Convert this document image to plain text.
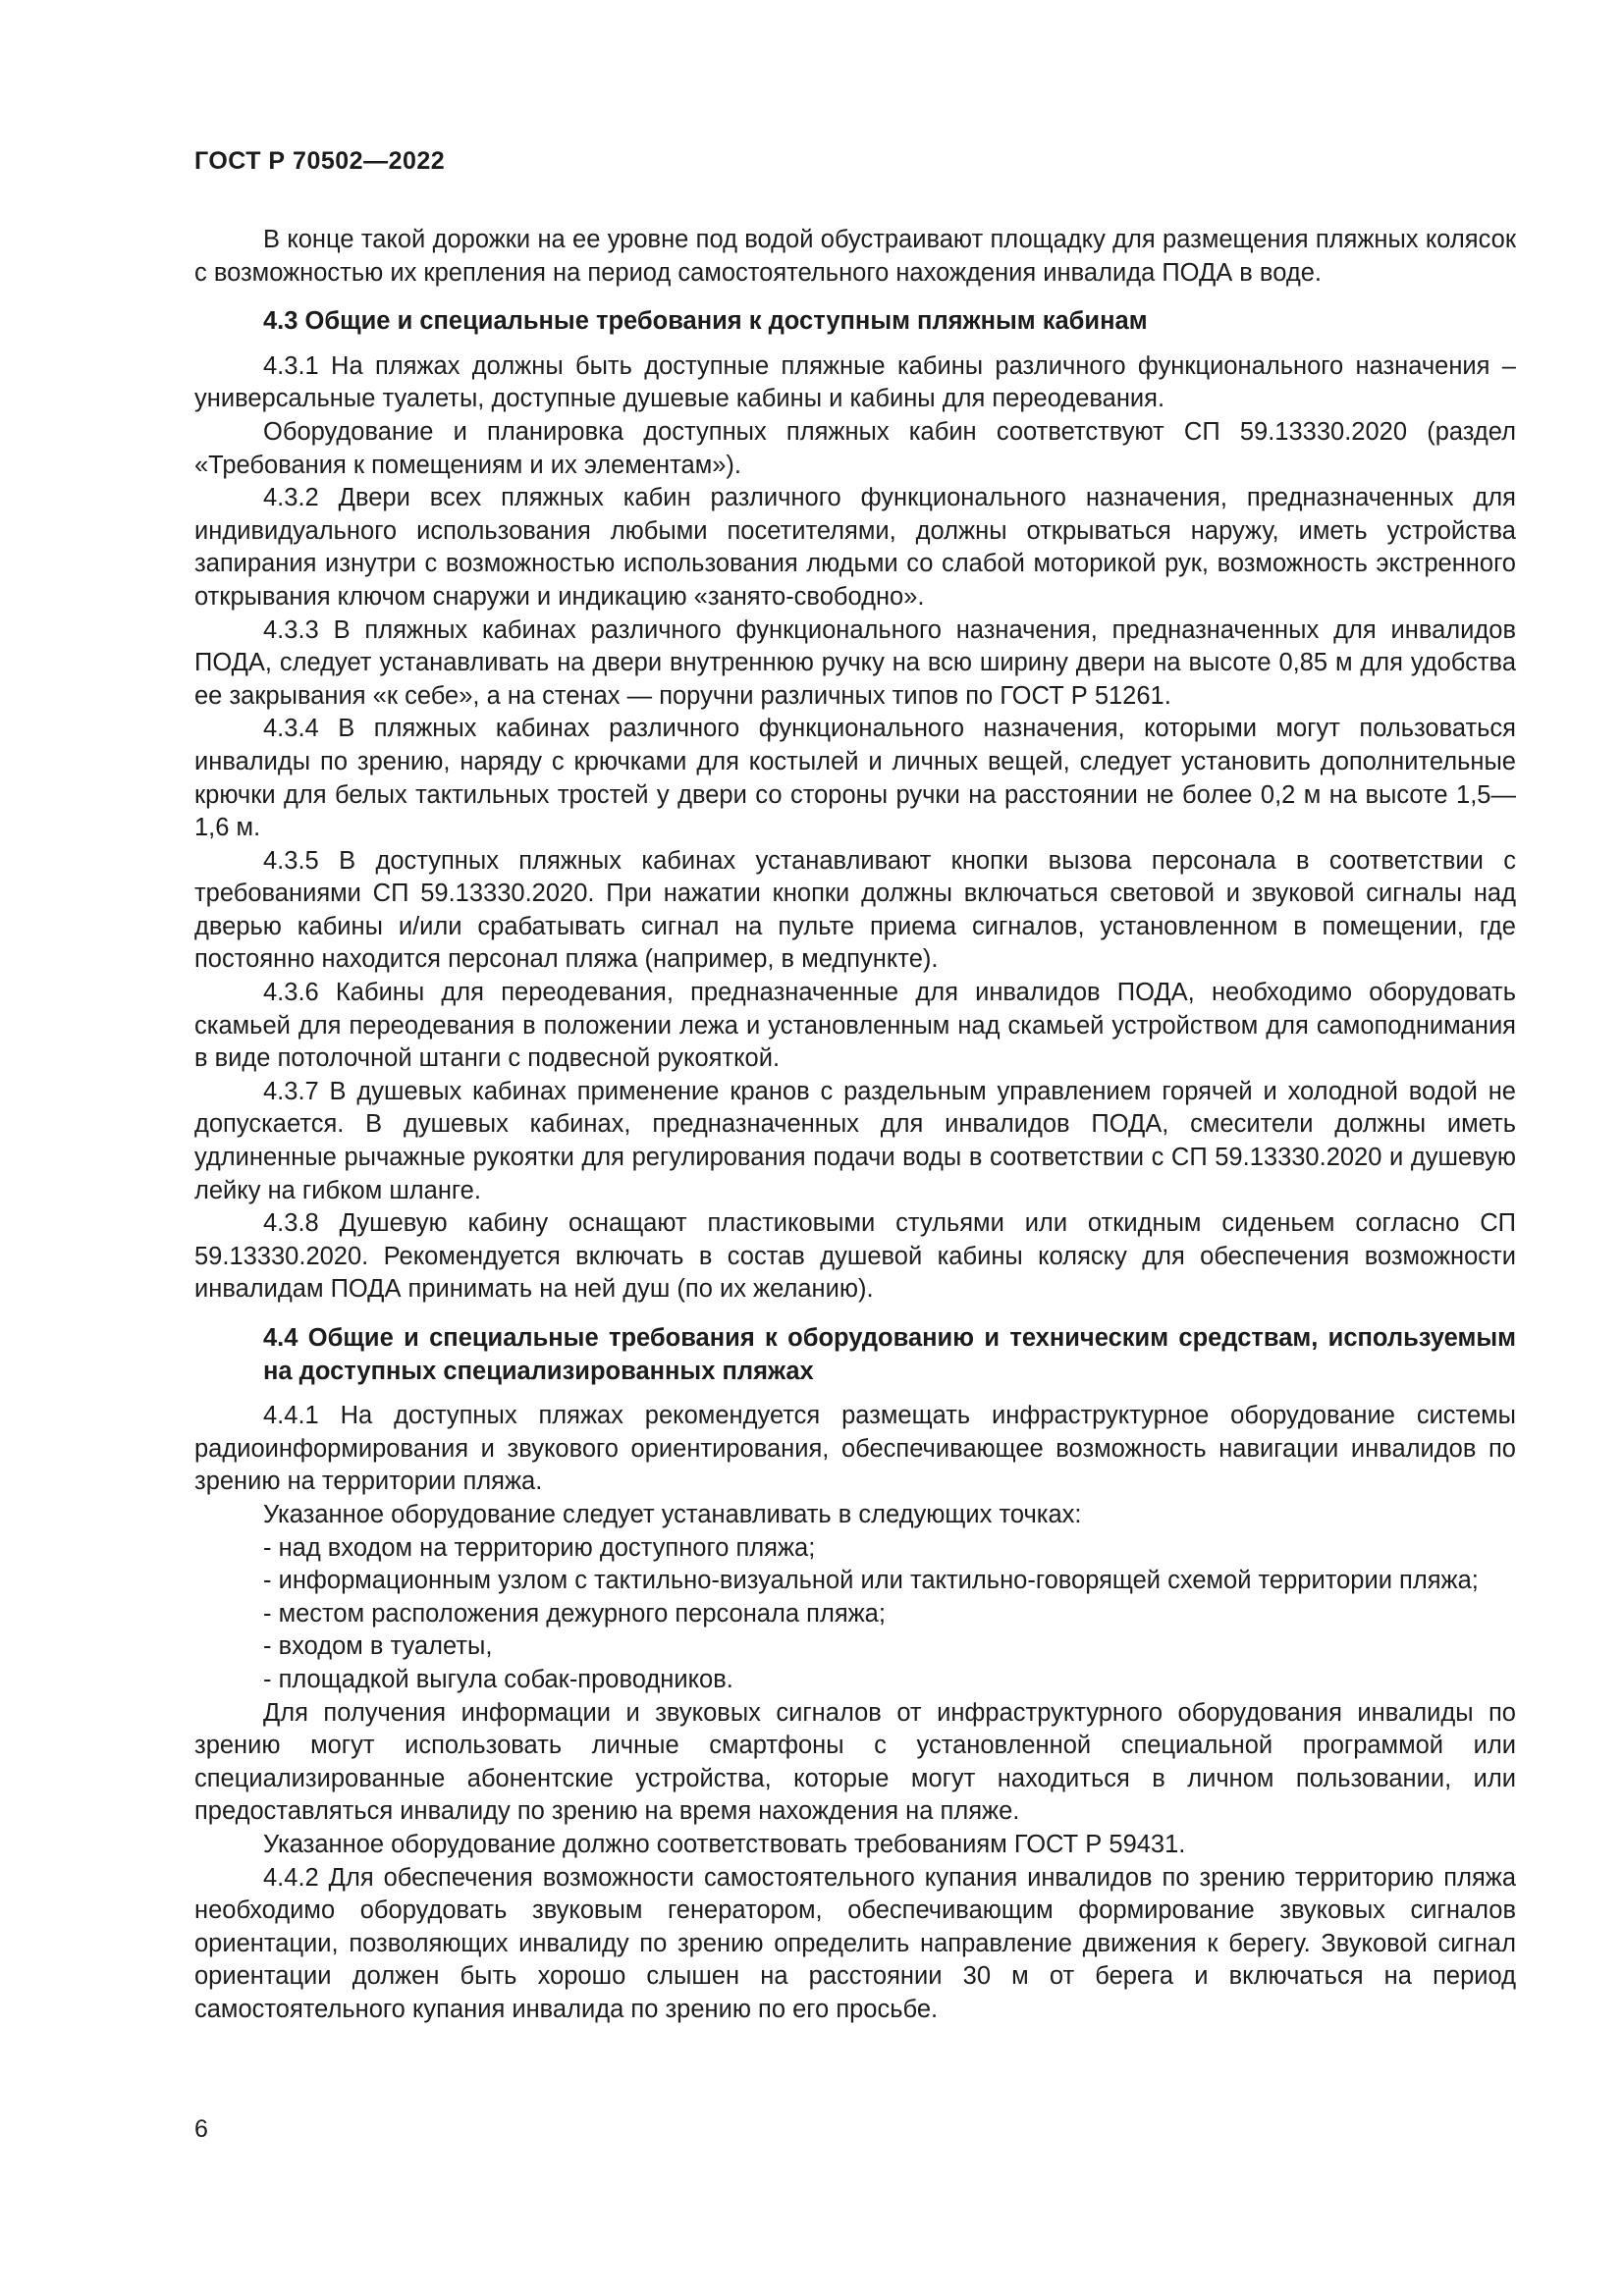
ГОСТ Р 70502—2022

В конце такой дорожки на ее уровне под водой обустраивают площадку для размещения пляжных колясок с возможностью их крепления на период самостоятельного нахождения инвалида ПОДА в воде.

4.3 Общие и специальные требования к доступным пляжным кабинам

4.3.1 На пляжах должны быть доступные пляжные кабины различного функционального назначения – универсальные туалеты, доступные душевые кабины и кабины для переодевания.

Оборудование и планировка доступных пляжных кабин соответствуют СП 59.13330.2020 (раздел «Требования к помещениям и их элементам»).

4.3.2 Двери всех пляжных кабин различного функционального назначения, предназначенных для индивидуального использования любыми посетителями, должны открываться наружу, иметь устройства запирания изнутри с возможностью использования людьми со слабой моторикой рук, возможность экстренного открывания ключом снаружи и индикацию «занято-свободно».

4.3.3 В пляжных кабинах различного функционального назначения, предназначенных для инвалидов ПОДА, следует устанавливать на двери внутреннюю ручку на всю ширину двери на высоте 0,85 м для удобства ее закрывания «к себе», а на стенах — поручни различных типов по ГОСТ Р 51261.

4.3.4 В пляжных кабинах различного функционального назначения, которыми могут пользоваться инвалиды по зрению, наряду с крючками для костылей и личных вещей, следует установить дополнительные крючки для белых тактильных тростей у двери со стороны ручки на расстоянии не более 0,2 м на высоте 1,5—1,6 м.

4.3.5 В доступных пляжных кабинах устанавливают кнопки вызова персонала в соответствии с требованиями СП 59.13330.2020. При нажатии кнопки должны включаться световой и звуковой сигналы над дверью кабины и/или срабатывать сигнал на пульте приема сигналов, установленном в помещении, где постоянно находится персонал пляжа (например, в медпункте).

4.3.6 Кабины для переодевания, предназначенные для инвалидов ПОДА, необходимо оборудовать скамьей для переодевания в положении лежа и установленным над скамьей устройством для самоподнимания в виде потолочной штанги с подвесной рукояткой.

4.3.7 В душевых кабинах применение кранов с раздельным управлением горячей и холодной водой не допускается. В душевых кабинах, предназначенных для инвалидов ПОДА, смесители должны иметь удлиненные рычажные рукоятки для регулирования подачи воды в соответствии с СП 59.13330.2020 и душевую лейку на гибком шланге.

4.3.8 Душевую кабину оснащают пластиковыми стульями или откидным сиденьем согласно СП 59.13330.2020. Рекомендуется включать в состав душевой кабины коляску для обеспечения возможности инвалидам ПОДА принимать на ней душ (по их желанию).

4.4 Общие и специальные требования к оборудованию и техническим средствам, используемым на доступных специализированных пляжах

4.4.1 На доступных пляжах рекомендуется размещать инфраструктурное оборудование системы радиоинформирования и звукового ориентирования, обеспечивающее возможность навигации инвалидов по зрению на территории пляжа.

Указанное оборудование следует устанавливать в следующих точках:

- над входом на территорию доступного пляжа;

- информационным узлом с тактильно-визуальной или тактильно-говорящей схемой территории пляжа;

- местом расположения дежурного персонала пляжа;

- входом в туалеты,

- площадкой выгула собак-проводников.

Для получения информации и звуковых сигналов от инфраструктурного оборудования инвалиды по зрению могут использовать личные смартфоны с установленной специальной программой или специализированные абонентские устройства, которые могут находиться в личном пользовании, или предоставляться инвалиду по зрению на время нахождения на пляже.

Указанное оборудование должно соответствовать требованиям ГОСТ Р 59431.

4.4.2 Для обеспечения возможности самостоятельного купания инвалидов по зрению территорию пляжа необходимо оборудовать звуковым генератором, обеспечивающим формирование звуковых сигналов ориентации, позволяющих инвалиду по зрению определить направление движения к берегу. Звуковой сигнал ориентации должен быть хорошо слышен на расстоянии 30 м от берега и включаться на период самостоятельного купания инвалида по зрению по его просьбе.

6
